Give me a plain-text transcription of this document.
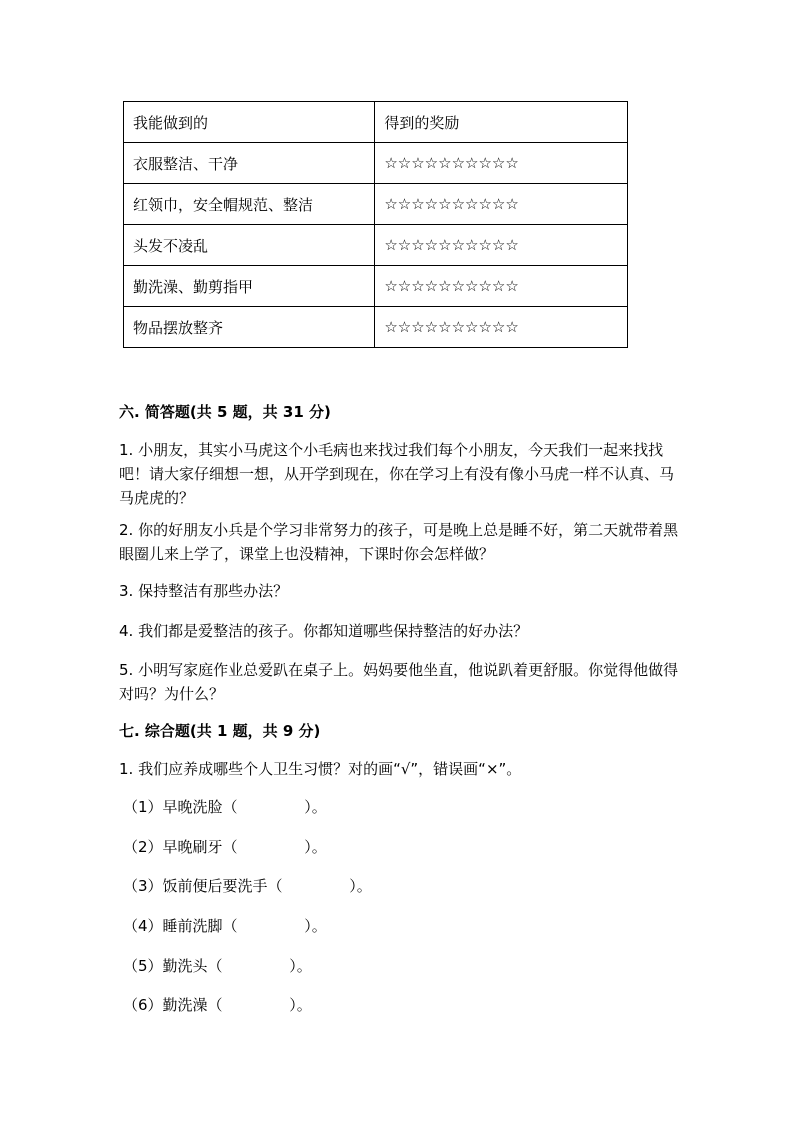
我能做到的	得到的奖励
衣服整洁、干净	☆☆☆☆☆☆☆☆☆☆
红领巾，安全帽规范、整洁	☆☆☆☆☆☆☆☆☆☆
头发不凌乱	☆☆☆☆☆☆☆☆☆☆
勤洗澡、勤剪指甲	☆☆☆☆☆☆☆☆☆☆
物品摆放整齐	☆☆☆☆☆☆☆☆☆☆
六. 简答题(共 5 题，共 31 分)
1. 小朋友，其实小马虎这个小毛病也来找过我们每个小朋友，今天我们一起来找找吧！请大家仔细想一想，从开学到现在，你在学习上有没有像小马虎一样不认真、马马虎虎的？
2. 你的好朋友小兵是个学习非常努力的孩子，可是晚上总是睡不好，第二天就带着黑眼圈儿来上学了，课堂上也没精神，下课时你会怎样做？
3. 保持整洁有那些办法？
4. 我们都是爱整洁的孩子。你都知道哪些保持整洁的好办法？
5. 小明写家庭作业总爱趴在桌子上。妈妈要他坐直，他说趴着更舒服。你觉得他做得对吗？为什么？
七. 综合题(共 1 题，共 9 分)
1. 我们应养成哪些个人卫生习惯？对的画“√”，错误画“×”。
（1）早晚洗脸（              ）。
（2）早晚刷牙（              ）。
（3）饭前便后要洗手（              ）。
（4）睡前洗脚（              ）。
（5）勤洗头（              ）。
（6）勤洗澡（              ）。
